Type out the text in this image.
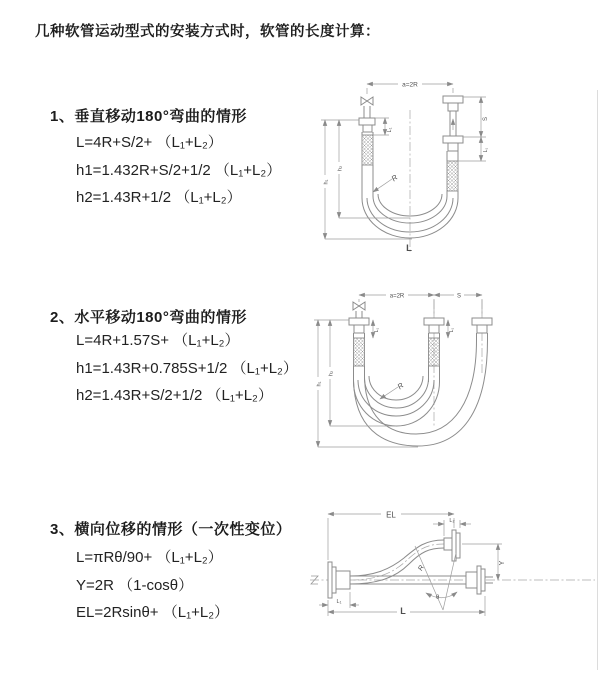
几种软管运动型式的安装方式时，软管的长度计算：
1、垂直移动180°弯曲的情形
L=4R+S/2+ （L₁+L₂）
h1=1.432R+S/2+1/2 （L₁+L₂）
h2=1.43R+1/2 （L₁+L₂）
2、水平移动180°弯曲的情形
L=4R+1.57S+ （L₁+L₂）
h1=1.43R+0.785S+1/2 （L₁+L₂）
h2=1.43R+S/2+1/2 （L₁+L₂）
3、横向位移的情形（一次性变位）
L=πRθ/90+ （L₁+L₂）
Y=2R （1-cosθ）
EL=2Rsinθ+ （L₁+L₂）
a=2R
L₁
S
L₁
h₁
h₂
R
L
a=2R	S
L₁	L₁
h₁
h₂
R
EL
L₂
Y
θ
R
L₁
L
